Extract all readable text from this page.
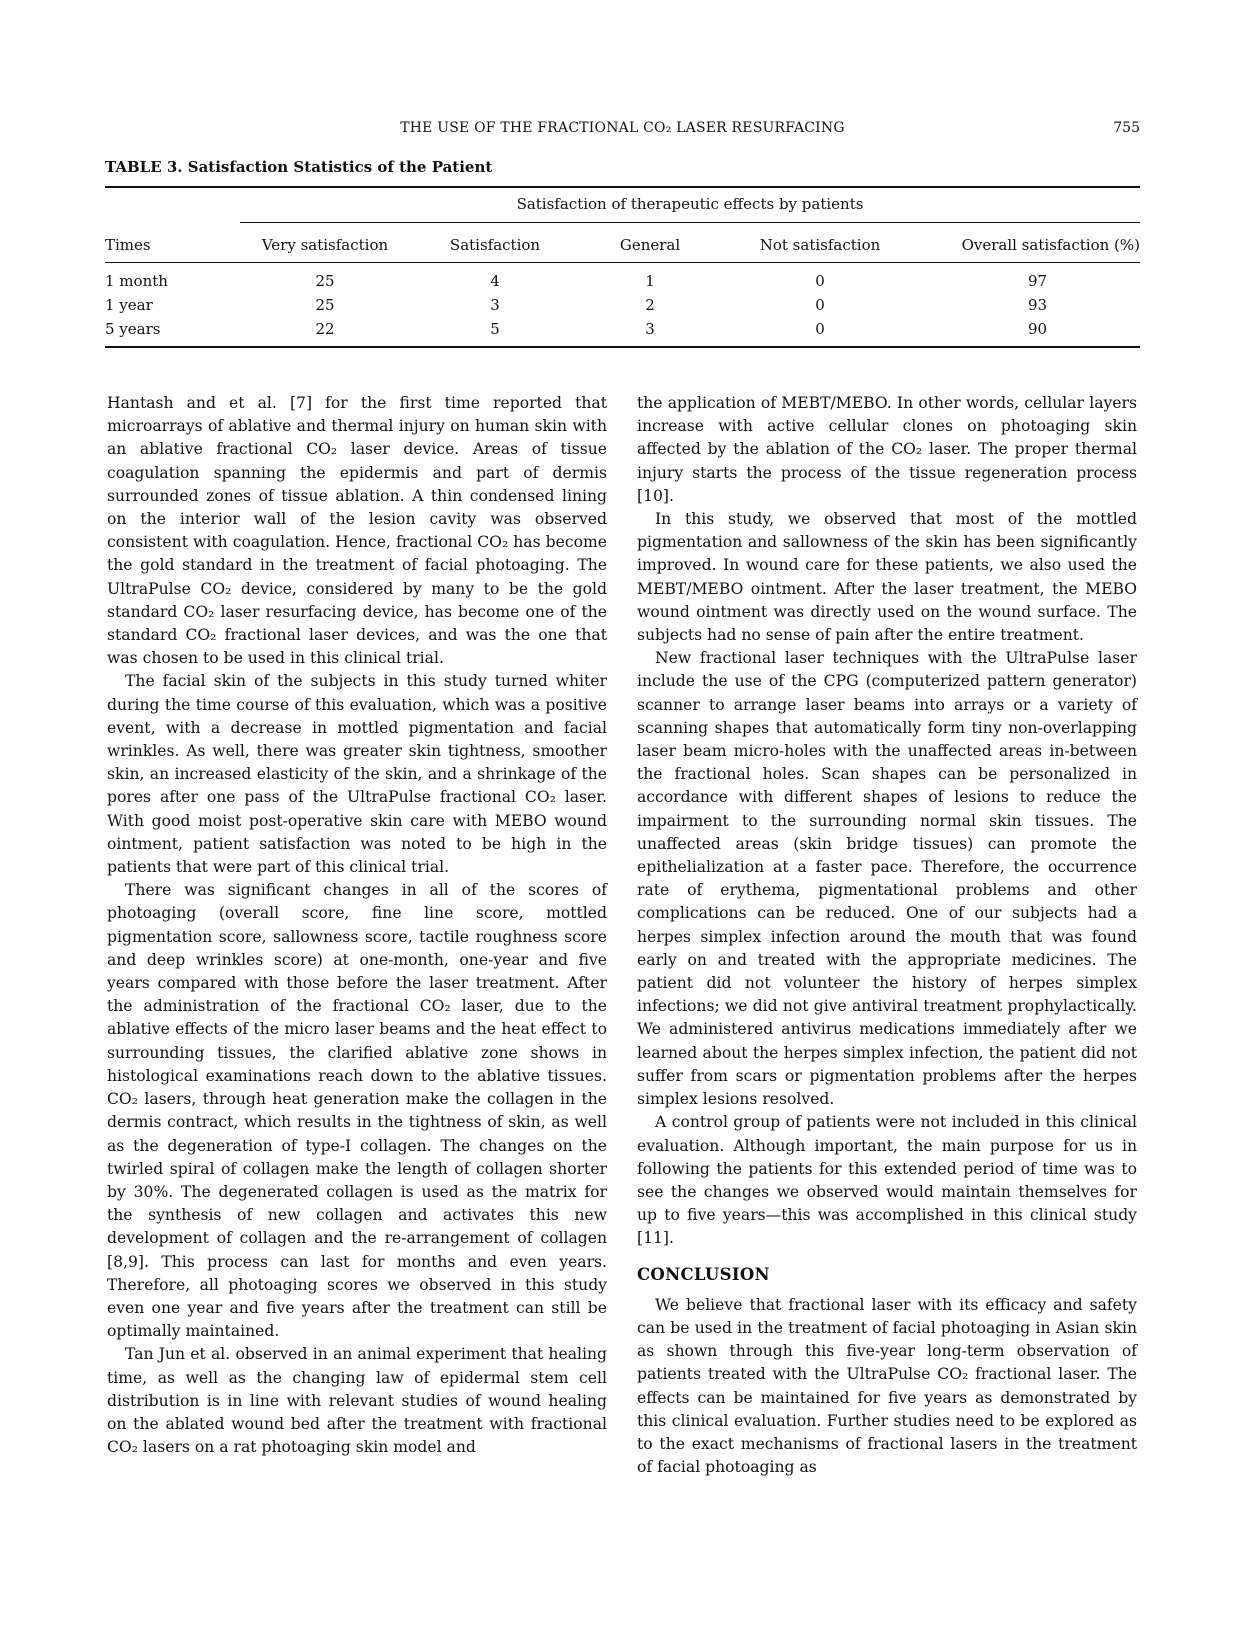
THE USE OF THE FRACTIONAL CO₂ LASER RESURFACING	755
TABLE 3. Satisfaction Statistics of the Patient
Satisfaction of therapeutic effects by patients
Times	Very satisfaction	Satisfaction	General	Not satisfaction	Overall satisfaction (%)
1 month	25	4	1	0	97
1 year	25	3	2	0	93
5 years	22	5	3	0	90

Hantash and et al. [7] for the first time reported that microarrays of ablative and thermal injury on human skin with an ablative fractional CO₂ laser device. Areas of tissue coagulation spanning the epidermis and part of dermis surrounded zones of tissue ablation. A thin condensed lining on the interior wall of the lesion cavity was observed consistent with coagulation. Hence, fractional CO₂ has become the gold standard in the treatment of facial photoaging. The UltraPulse CO₂ device, considered by many to be the gold standard CO₂ laser resurfacing device, has become one of the standard CO₂ fractional laser devices, and was the one that was chosen to be used in this clinical trial.

The facial skin of the subjects in this study turned whiter during the time course of this evaluation, which was a positive event, with a decrease in mottled pigmentation and facial wrinkles. As well, there was greater skin tightness, smoother skin, an increased elasticity of the skin, and a shrinkage of the pores after one pass of the UltraPulse fractional CO₂ laser. With good moist post-operative skin care with MEBO wound ointment, patient satisfaction was noted to be high in the patients that were part of this clinical trial.

There was significant changes in all of the scores of photoaging (overall score, fine line score, mottled pigmentation score, sallowness score, tactile roughness score and deep wrinkles score) at one-month, one-year and five years compared with those before the laser treatment. After the administration of the fractional CO₂ laser, due to the ablative effects of the micro laser beams and the heat effect to surrounding tissues, the clarified ablative zone shows in histological examinations reach down to the ablative tissues. CO₂ lasers, through heat generation make the collagen in the dermis contract, which results in the tightness of skin, as well as the degeneration of type-I collagen. The changes on the twirled spiral of collagen make the length of collagen shorter by 30%. The degenerated collagen is used as the matrix for the synthesis of new collagen and activates this new development of collagen and the re-arrangement of collagen [8,9]. This process can last for months and even years. Therefore, all photoaging scores we observed in this study even one year and five years after the treatment can still be optimally maintained.

Tan Jun et al. observed in an animal experiment that healing time, as well as the changing law of epidermal stem cell distribution is in line with relevant studies of wound healing on the ablated wound bed after the treatment with fractional CO₂ lasers on a rat photoaging skin model and

the application of MEBT/MEBO. In other words, cellular layers increase with active cellular clones on photoaging skin affected by the ablation of the CO₂ laser. The proper thermal injury starts the process of the tissue regeneration process [10].

In this study, we observed that most of the mottled pigmentation and sallowness of the skin has been significantly improved. In wound care for these patients, we also used the MEBT/MEBO ointment. After the laser treatment, the MEBO wound ointment was directly used on the wound surface. The subjects had no sense of pain after the entire treatment.

New fractional laser techniques with the UltraPulse laser include the use of the CPG (computerized pattern generator) scanner to arrange laser beams into arrays or a variety of scanning shapes that automatically form tiny non-overlapping laser beam micro-holes with the unaffected areas in-between the fractional holes. Scan shapes can be personalized in accordance with different shapes of lesions to reduce the impairment to the surrounding normal skin tissues. The unaffected areas (skin bridge tissues) can promote the epithelialization at a faster pace. Therefore, the occurrence rate of erythema, pigmentational problems and other complications can be reduced. One of our subjects had a herpes simplex infection around the mouth that was found early on and treated with the appropriate medicines. The patient did not volunteer the history of herpes simplex infections; we did not give antiviral treatment prophylactically. We administered antivirus medications immediately after we learned about the herpes simplex infection, the patient did not suffer from scars or pigmentation problems after the herpes simplex lesions resolved.

A control group of patients were not included in this clinical evaluation. Although important, the main purpose for us in following the patients for this extended period of time was to see the changes we observed would maintain themselves for up to five years—this was accomplished in this clinical study [11].

CONCLUSION

We believe that fractional laser with its efficacy and safety can be used in the treatment of facial photoaging in Asian skin as shown through this five-year long-term observation of patients treated with the UltraPulse CO₂ fractional laser. The effects can be maintained for five years as demonstrated by this clinical evaluation. Further studies need to be explored as to the exact mechanisms of fractional lasers in the treatment of facial photoaging as
